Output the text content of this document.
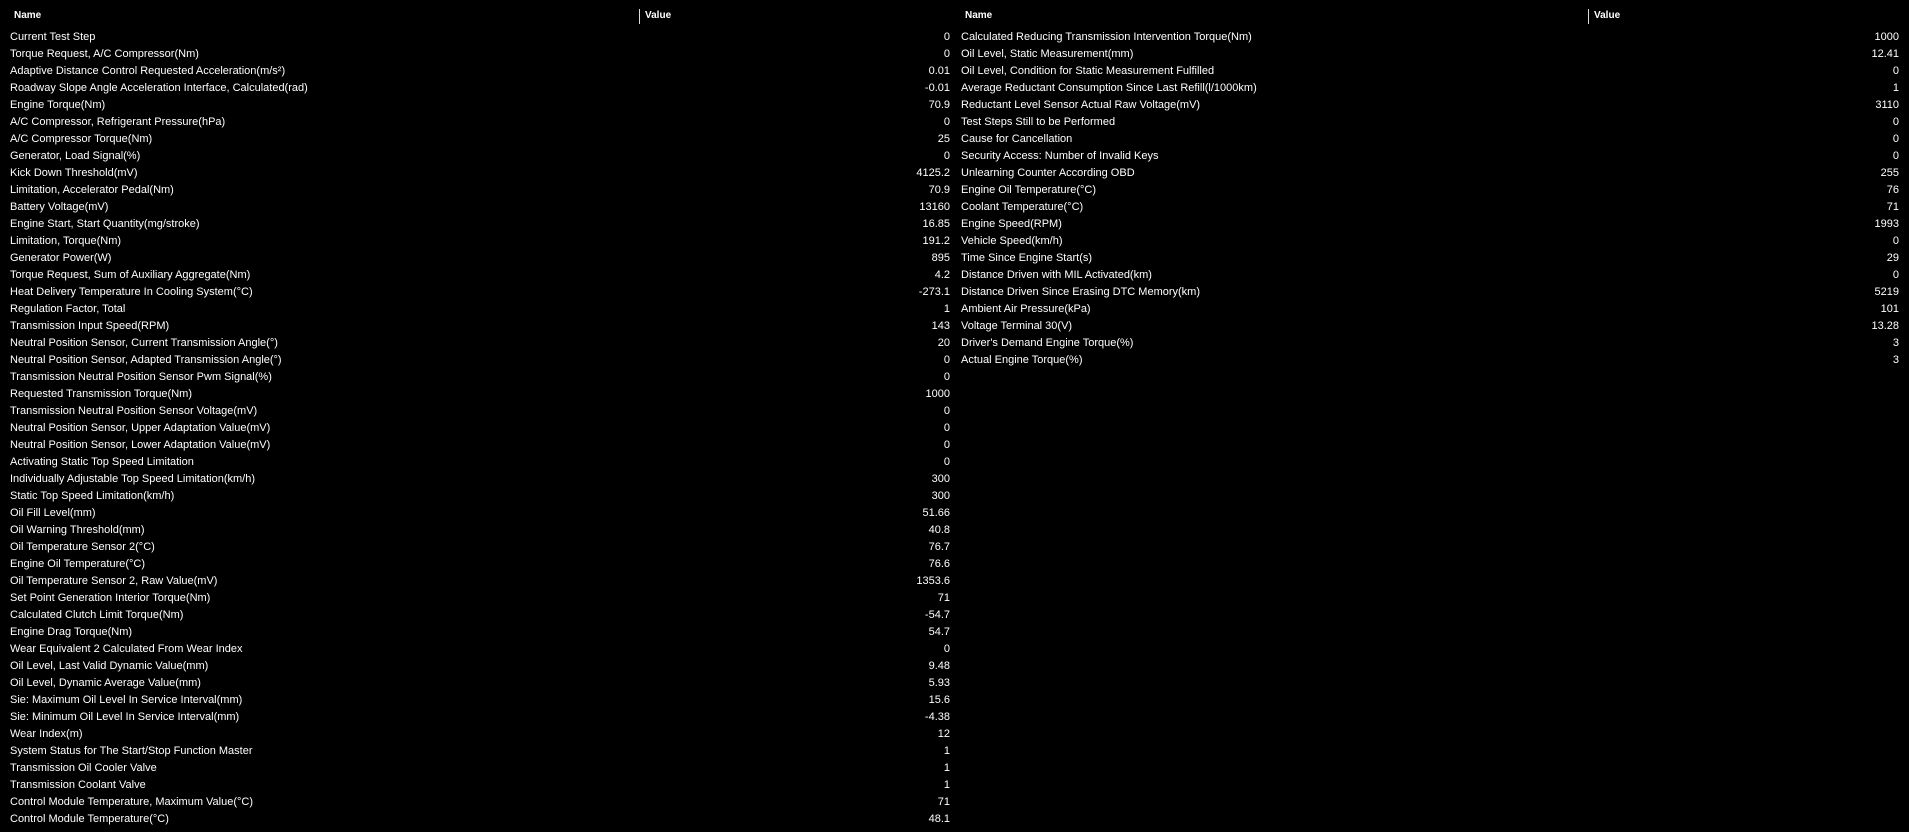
Name	Value
Current Test Step	0
Torque Request, A/C Compressor(Nm)	0
Adaptive Distance Control Requested Acceleration(m/s²)	0.01
Roadway Slope Angle Acceleration Interface, Calculated(rad)	-0.01
Engine Torque(Nm)	70.9
A/C Compressor, Refrigerant Pressure(hPa)	0
A/C Compressor Torque(Nm)	25
Generator, Load Signal(%)	0
Kick Down Threshold(mV)	4125.2
Limitation, Accelerator Pedal(Nm)	70.9
Battery Voltage(mV)	13160
Engine Start, Start Quantity(mg/stroke)	16.85
Limitation, Torque(Nm)	191.2
Generator Power(W)	895
Torque Request, Sum of Auxiliary Aggregate(Nm)	4.2
Heat Delivery Temperature In Cooling System(°C)	-273.1
Regulation Factor, Total	1
Transmission Input Speed(RPM)	143
Neutral Position Sensor, Current Transmission Angle(°)	20
Neutral Position Sensor, Adapted Transmission Angle(°)	0
Transmission Neutral Position Sensor Pwm Signal(%)	0
Requested Transmission Torque(Nm)	1000
Transmission Neutral Position Sensor Voltage(mV)	0
Neutral Position Sensor, Upper Adaptation Value(mV)	0
Neutral Position Sensor, Lower Adaptation Value(mV)	0
Activating Static Top Speed Limitation	0
Individually Adjustable Top Speed Limitation(km/h)	300
Static Top Speed Limitation(km/h)	300
Oil Fill Level(mm)	51.66
Oil Warning Threshold(mm)	40.8
Oil Temperature Sensor 2(°C)	76.7
Engine Oil Temperature(°C)	76.6
Oil Temperature Sensor 2, Raw Value(mV)	1353.6
Set Point Generation Interior Torque(Nm)	71
Calculated Clutch Limit Torque(Nm)	-54.7
Engine Drag Torque(Nm)	54.7
Wear Equivalent 2 Calculated From Wear Index	0
Oil Level, Last Valid Dynamic Value(mm)	9.48
Oil Level, Dynamic Average Value(mm)	5.93
Sie: Maximum Oil Level In Service Interval(mm)	15.6
Sie: Minimum Oil Level In Service Interval(mm)	-4.38
Wear Index(m)	12
System Status for The Start/Stop Function Master	1
Transmission Oil Cooler Valve	1
Transmission Coolant Valve	1
Control Module Temperature, Maximum Value(°C)	71
Control Module Temperature(°C)	48.1
Name	Value
Calculated Reducing Transmission Intervention Torque(Nm)	1000
Oil Level, Static Measurement(mm)	12.41
Oil Level, Condition for Static Measurement Fulfilled	0
Average Reductant Consumption Since Last Refill(l/1000km)	1
Reductant Level Sensor Actual Raw Voltage(mV)	3110
Test Steps Still to be Performed	0
Cause for Cancellation	0
Security Access: Number of Invalid Keys	0
Unlearning Counter According OBD	255
Engine Oil Temperature(°C)	76
Coolant Temperature(°C)	71
Engine Speed(RPM)	1993
Vehicle Speed(km/h)	0
Time Since Engine Start(s)	29
Distance Driven with MIL Activated(km)	0
Distance Driven Since Erasing DTC Memory(km)	5219
Ambient Air Pressure(kPa)	101
Voltage Terminal 30(V)	13.28
Driver's Demand Engine Torque(%)	3
Actual Engine Torque(%)	3
